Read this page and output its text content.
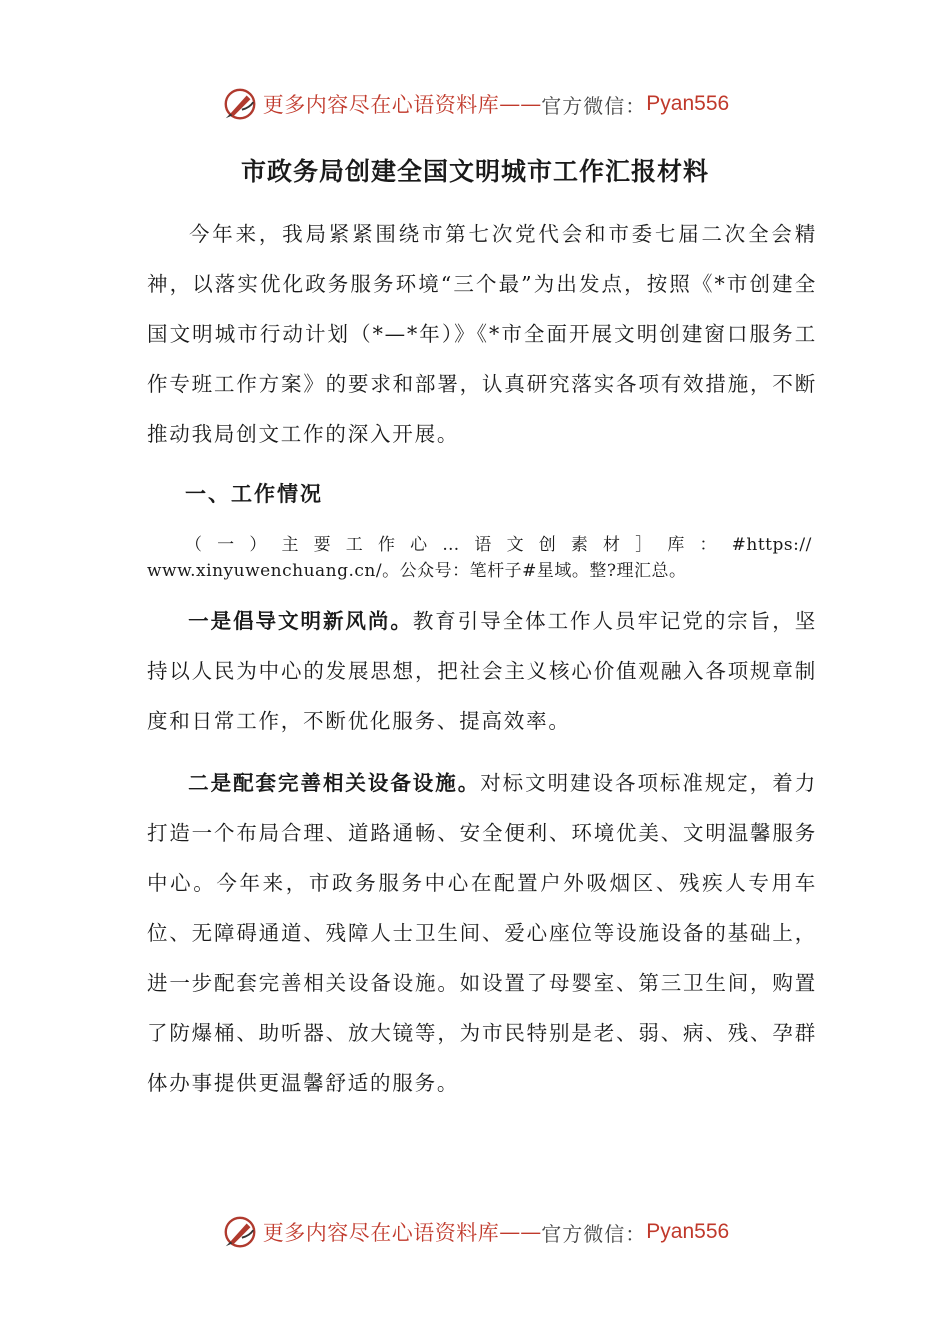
更多内容尽在心语资料库 —— 官方微信： Pyan556
市政务局创建全国文明城市工作汇报材料

今年来，我局紧紧围绕市第七次党代会和市委七届二次全会精神，以落实优化政务服务环境“三个最”为出发点，按照《*市创建全国文明城市行动计划（*—*年）》《*市全面开展文明创建窗口服务工作专班工作方案》的要求和部署，认真研究落实各项有效措施，不断推动我局创文工作的深入开展。

一、工作情况
（ 一 ） 主 要 工 作 心 … 语 文 创 素 材 ］ 库 ： #https://
www.xinyuwenchuang.cn/。公众号：笔杆子#星域。整?理汇总。

一是倡导文明新风尚。教育引导全体工作人员牢记党的宗旨，坚持以人民为中心的发展思想，把社会主义核心价值观融入各项规章制度和日常工作，不断优化服务、提高效率。

二是配套完善相关设备设施。对标文明建设各项标准规定，着力打造一个布局合理、道路通畅、安全便利、环境优美、文明温馨服务中心。今年来，市政务服务中心在配置户外吸烟区、残疾人专用车位、无障碍通道、残障人士卫生间、爱心座位等设施设备的基础上，进一步配套完善相关设备设施。如设置了母婴室、第三卫生间，购置了防爆桶、助听器、放大镜等，为市民特别是老、弱、病、残、孕群体办事提供更温馨舒适的服务。

更多内容尽在心语资料库 —— 官方微信： Pyan556
